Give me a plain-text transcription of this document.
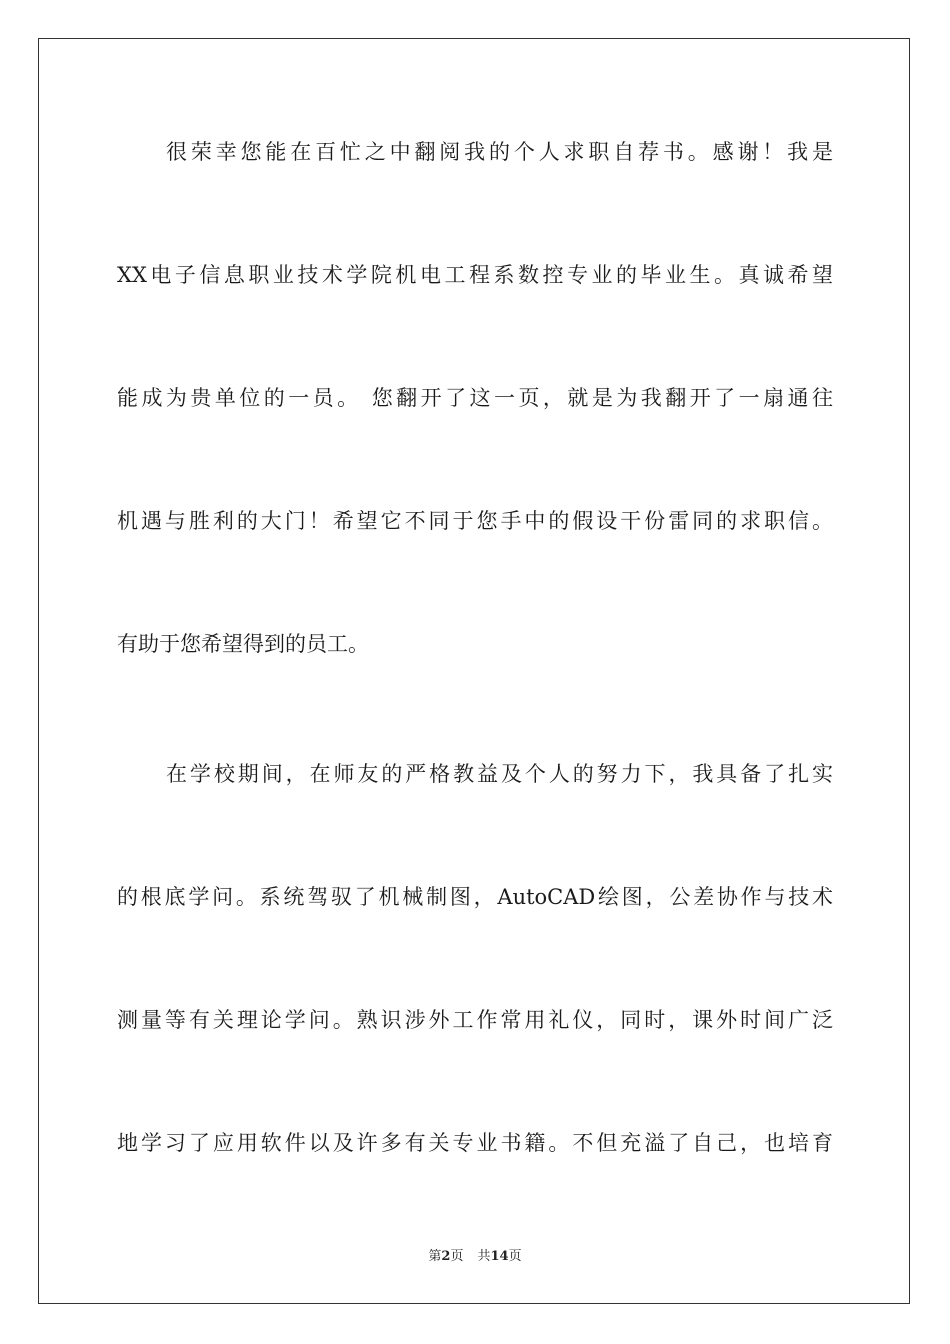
很荣幸您能在百忙之中翻阅我的个人求职自荐书。感谢！我是
XX电子信息职业技术学院机电工程系数控专业的毕业生。真诚希望
能成为贵单位的一员。 您翻开了这一页，就是为我翻开了一扇通往
机遇与胜利的大门！希望它不同于您手中的假设干份雷同的求职信。
有助于您希望得到的员工。
在学校期间，在师友的严格教益及个人的努力下，我具备了扎实
的根底学问。系统驾驭了机械制图，AutoCAD绘图，公差协作与技术
测量等有关理论学问。熟识涉外工作常用礼仪，同时，课外时间广泛
地学习了应用软件以及许多有关专业书籍。不但充溢了自己，也培育
第2页 共14页
